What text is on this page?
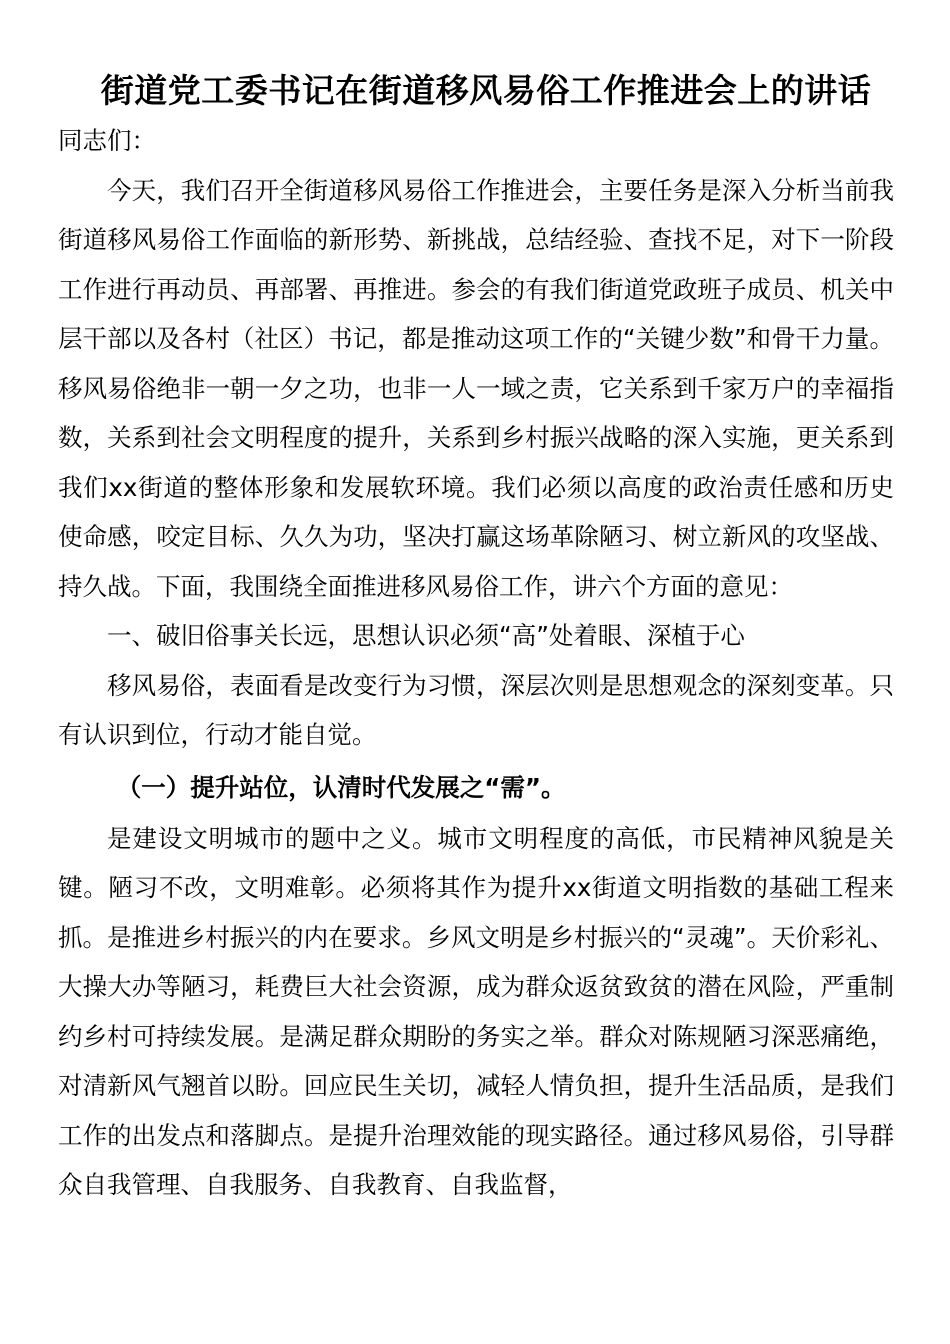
街道党工委书记在街道移风易俗工作推进会上的讲话

同志们：

今天，我们召开全街道移风易俗工作推进会，主要任务是深入分析当前我街道移风易俗工作面临的新形势、新挑战，总结经验、查找不足，对下一阶段工作进行再动员、再部署、再推进。参会的有我们街道党政班子成员、机关中层干部以及各村（社区）书记，都是推动这项工作的“关键少数”和骨干力量。移风易俗绝非一朝一夕之功，也非一人一域之责，它关系到千家万户的幸福指数，关系到社会文明程度的提升，关系到乡村振兴战略的深入实施，更关系到我们xx街道的整体形象和发展软环境。我们必须以高度的政治责任感和历史使命感，咬定目标、久久为功，坚决打赢这场革除陋习、树立新风的攻坚战、持久战。下面，我围绕全面推进移风易俗工作，讲六个方面的意见：

一、破旧俗事关长远，思想认识必须“高”处着眼、深植于心

移风易俗，表面看是改变行为习惯，深层次则是思想观念的深刻变革。只有认识到位，行动才能自觉。

（一）提升站位，认清时代发展之“需”。

是建设文明城市的题中之义。城市文明程度的高低，市民精神风貌是关键。陋习不改，文明难彰。必须将其作为提升xx街道文明指数的基础工程来抓。是推进乡村振兴的内在要求。乡风文明是乡村振兴的“灵魂”。天价彩礼、大操大办等陋习，耗费巨大社会资源，成为群众返贫致贫的潜在风险，严重制约乡村可持续发展。是满足群众期盼的务实之举。群众对陈规陋习深恶痛绝，对清新风气翘首以盼。回应民生关切，减轻人情负担，提升生活品质，是我们工作的出发点和落脚点。是提升治理效能的现实路径。通过移风易俗，引导群众自我管理、自我服务、自我教育、自我监督，
